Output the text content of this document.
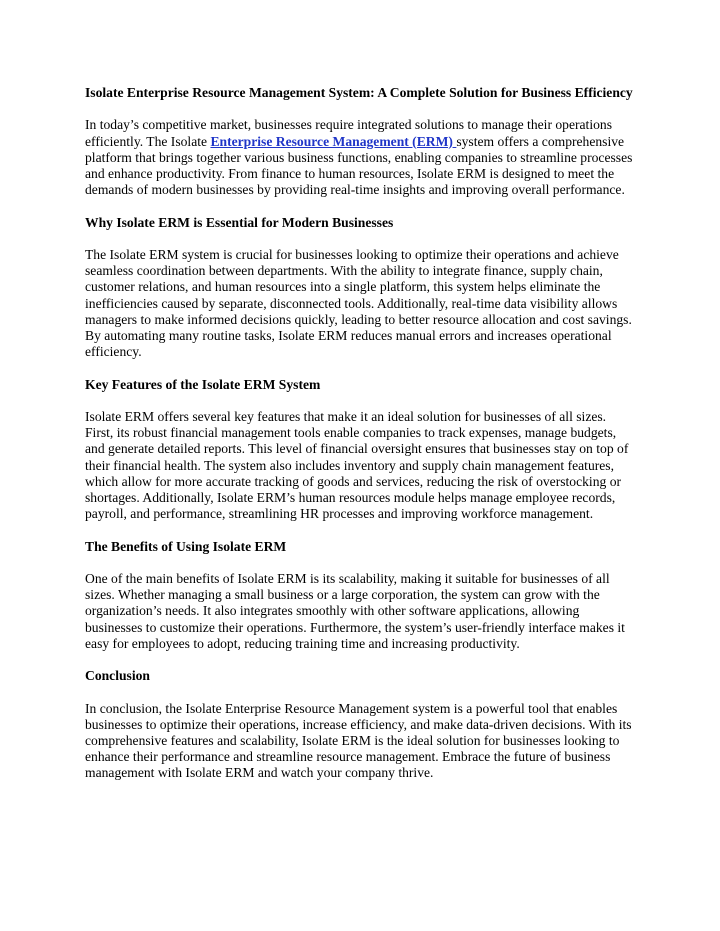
Isolate Enterprise Resource Management System: A Complete Solution for Business Efficiency

In today’s competitive market, businesses require integrated solutions to manage their operations efficiently. The Isolate Enterprise Resource Management (ERM) system offers a comprehensive platform that brings together various business functions, enabling companies to streamline processes and enhance productivity. From finance to human resources, Isolate ERM is designed to meet the demands of modern businesses by providing real-time insights and improving overall performance.

Why Isolate ERM is Essential for Modern Businesses

The Isolate ERM system is crucial for businesses looking to optimize their operations and achieve seamless coordination between departments. With the ability to integrate finance, supply chain, customer relations, and human resources into a single platform, this system helps eliminate the inefficiencies caused by separate, disconnected tools. Additionally, real-time data visibility allows managers to make informed decisions quickly, leading to better resource allocation and cost savings. By automating many routine tasks, Isolate ERM reduces manual errors and increases operational efficiency.

Key Features of the Isolate ERM System

Isolate ERM offers several key features that make it an ideal solution for businesses of all sizes. First, its robust financial management tools enable companies to track expenses, manage budgets, and generate detailed reports. This level of financial oversight ensures that businesses stay on top of their financial health. The system also includes inventory and supply chain management features, which allow for more accurate tracking of goods and services, reducing the risk of overstocking or shortages. Additionally, Isolate ERM’s human resources module helps manage employee records, payroll, and performance, streamlining HR processes and improving workforce management.

The Benefits of Using Isolate ERM

One of the main benefits of Isolate ERM is its scalability, making it suitable for businesses of all sizes. Whether managing a small business or a large corporation, the system can grow with the organization’s needs. It also integrates smoothly with other software applications, allowing businesses to customize their operations. Furthermore, the system’s user-friendly interface makes it easy for employees to adopt, reducing training time and increasing productivity.

Conclusion

In conclusion, the Isolate Enterprise Resource Management system is a powerful tool that enables businesses to optimize their operations, increase efficiency, and make data-driven decisions. With its comprehensive features and scalability, Isolate ERM is the ideal solution for businesses looking to enhance their performance and streamline resource management. Embrace the future of business management with Isolate ERM and watch your company thrive.
